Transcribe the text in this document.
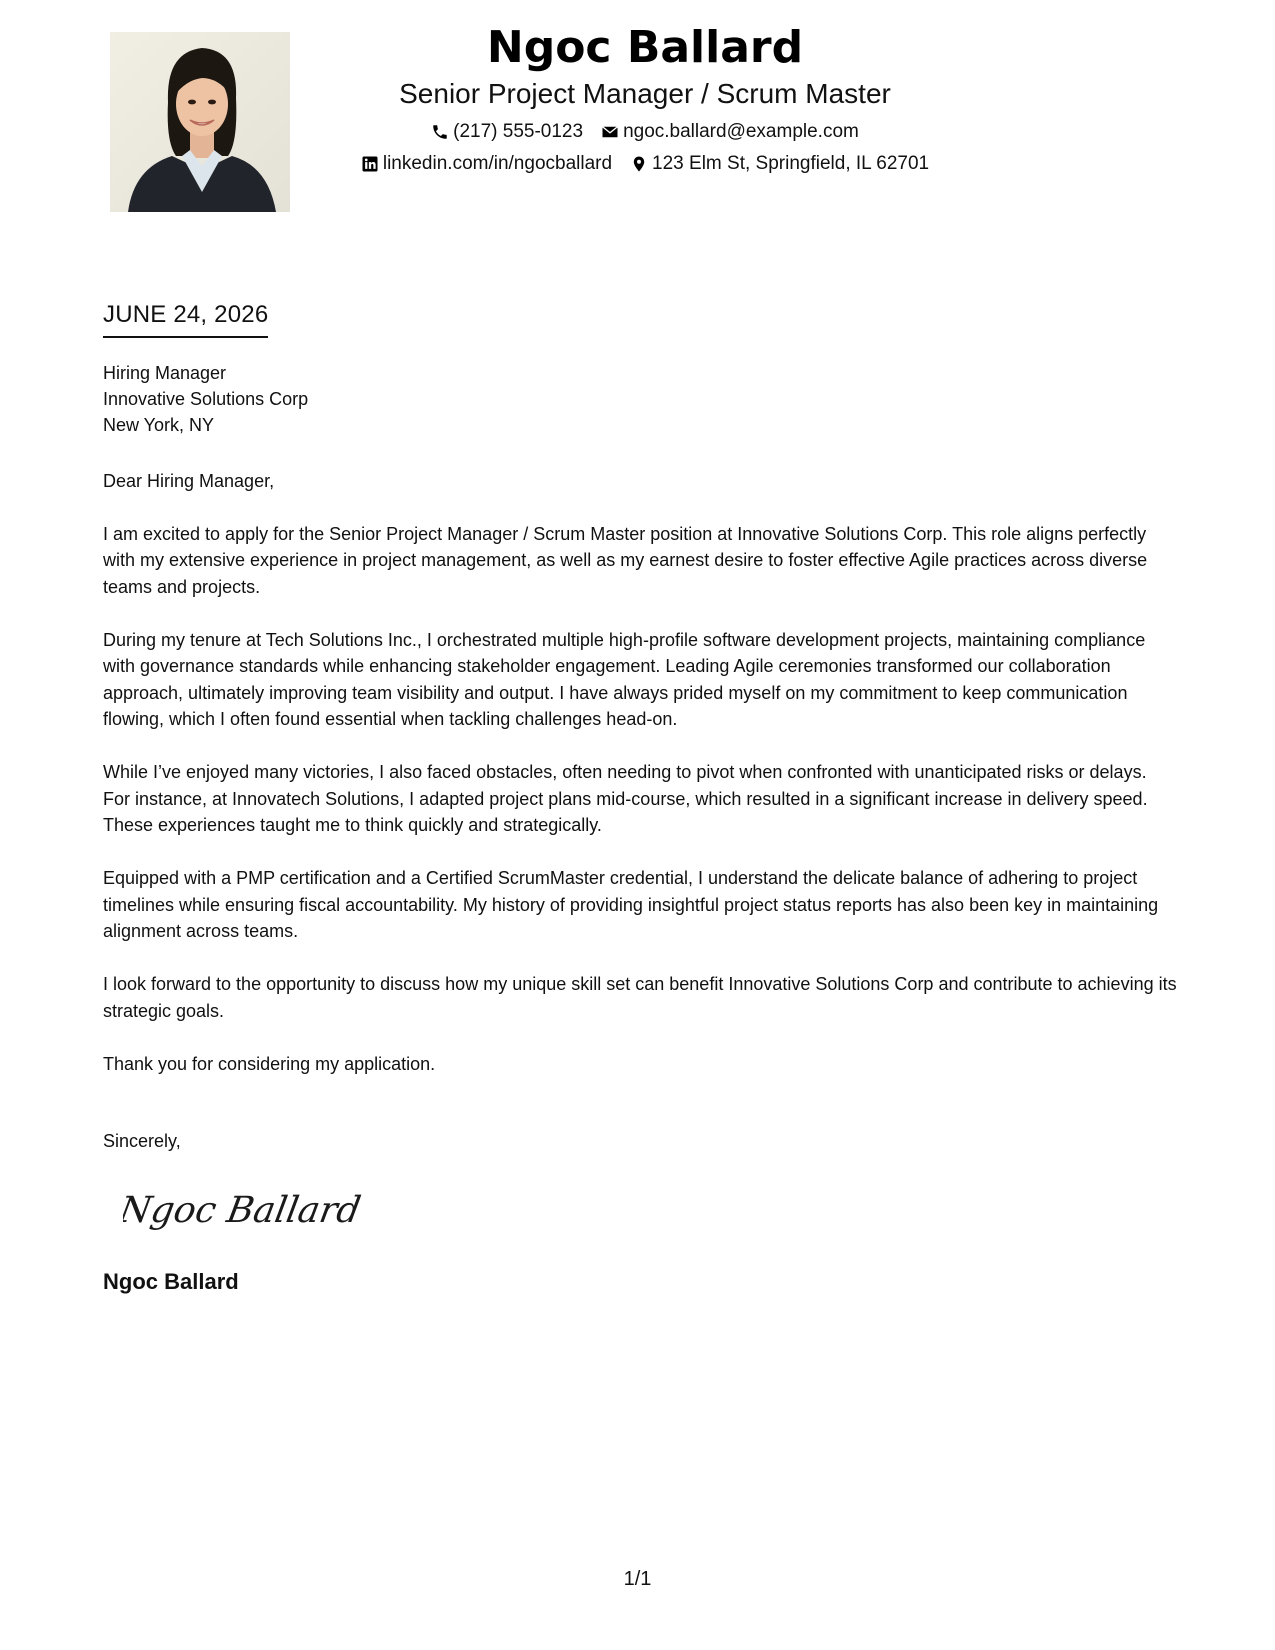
Ngoc Ballard
Senior Project Manager / Scrum Master
(217) 555-0123 ngoc.ballard@example.com
linkedin.com/in/ngocballard 123 Elm St, Springfield, IL 62701
JUNE 24, 2026
Hiring Manager
Innovative Solutions Corp
New York, NY

Dear Hiring Manager,

I am excited to apply for the Senior Project Manager / Scrum Master position at Innovative Solutions Corp. This role aligns perfectly with my extensive experience in project management, as well as my earnest desire to foster effective Agile practices across diverse teams and projects.

During my tenure at Tech Solutions Inc., I orchestrated multiple high-profile software development projects, maintaining compliance with governance standards while enhancing stakeholder engagement. Leading Agile ceremonies transformed our collaboration approach, ultimately improving team visibility and output. I have always prided myself on my commitment to keep communication flowing, which I often found essential when tackling challenges head-on.

While I’ve enjoyed many victories, I also faced obstacles, often needing to pivot when confronted with unanticipated risks or delays. For instance, at Innovatech Solutions, I adapted project plans mid-course, which resulted in a significant increase in delivery speed. These experiences taught me to think quickly and strategically.

Equipped with a PMP certification and a Certified ScrumMaster credential, I understand the delicate balance of adhering to project timelines while ensuring fiscal accountability. My history of providing insightful project status reports has also been key in maintaining alignment across teams.

I look forward to the opportunity to discuss how my unique skill set can benefit Innovative Solutions Corp and contribute to achieving its strategic goals.

Thank you for considering my application.

Sincerely,
Ngoc Ballard
Ngoc Ballard
1/1
